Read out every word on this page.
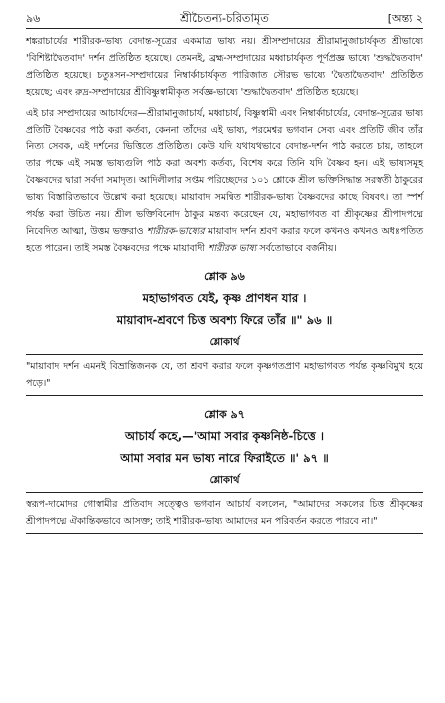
৯৬	শ্রীচৈতন্য-চরিতামৃত	[অন্ত্য ২

শঙ্করাচার্যের শারীরক-ভাষ্য বেদান্ত-সূত্রের একমাত্র ভাষ্য নয়। শ্রীসম্প্রদায়ের শ্রীরামানুজাচার্যকৃত শ্রীভাষ্যে 'বিশিষ্টাদ্বৈতবাদ' দর্শন প্রতিষ্ঠিত হয়েছে। তেমনই, ব্রহ্ম-সম্প্রদায়ের মধ্বাচার্যকৃত পূর্ণপ্রজ্ঞ ভাষ্যে 'শুদ্ধদ্বৈতবাদ' প্রতিষ্ঠিত হয়েছে। চতুঃসন-সম্প্রদায়ের নিম্বার্কাচার্যকৃত পারিজাত সৌরভ ভাষ্যে 'দ্বৈতাদ্বৈতবাদ' প্রতিষ্ঠিত হয়েছে; এবং রুদ্র-সম্প্রদায়ের শ্রীবিষ্ণুস্বামীকৃত সর্বজ্ঞ-ভাষ্যে 'শুদ্ধাদ্বৈতবাদ' প্রতিষ্ঠিত হয়েছে।

এই চার সম্প্রদায়ের আচার্যদের—শ্রীরামানুজাচার্য, মধ্বাচার্য, বিষ্ণুস্বামী এবং নিম্বার্কাচার্যের, বেদান্ত-সূত্রের ভাষ্য প্রতিটি বৈষ্ণবের পাঠ করা কর্তব্য, কেননা তাঁদের এই ভাষ্য, পরমেশ্বর ভগবান সেব্য এবং প্রতিটি জীব তাঁর নিত্য সেবক, এই দর্শনের ভিত্তিতে প্রতিষ্ঠিত। কেউ যদি যথাযথভাবে বেদান্ত-দর্শন পাঠ করতে চায়, তাহলে তার পক্ষে এই সমস্ত ভাষ্যগুলি পাঠ করা অবশ্য কর্তব্য, বিশেষ করে তিনি যদি বৈষ্ণব হন। এই ভাষ্যসমূহ বৈষ্ণবদের দ্বারা সর্বদা সমাদৃত। আদিলীলার সপ্তম পরিচ্ছেদের ১০১ শ্লোকে শ্রীল ভক্তিসিদ্ধান্ত সরস্বতী ঠাকুরের ভাষ্য বিস্তারিতভাবে উল্লেখ করা হয়েছে। মায়াবাদ সমন্বিত শারীরক-ভাষ্য বৈষ্ণবদের কাছে বিষবৎ। তা স্পর্শ পর্যন্ত করা উচিত নয়। শ্রীল ভক্তিবিনোদ ঠাকুর মন্তব্য করেছেন যে, মহাভাগবত বা শ্রীকৃষ্ণের শ্রীপাদপদ্মে নিবেদিত আত্মা, উত্তম ভক্তরাও শারীরক-ভাষ্যের মায়াবাদ দর্শন শ্রবণ করার ফলে কখনও কখনও অধঃপতিত হতে পারেন। তাই সমস্ত বৈষ্ণবদের পক্ষে মায়াবাদী শারীরক ভাষ্য সর্বতোভাবে বর্জনীয়।

শ্লোক ৯৬
মহাভাগবত যেই, কৃষ্ণ প্রাণধন যার ।
মায়াবাদ-শ্রবণে চিত্ত অবশ্য ফিরে তাঁর ॥" ৯৬ ॥
শ্লোকার্থ
"মায়াবাদ দর্শন এমনই বিভ্রান্তিজনক যে, তা শ্রবণ করার ফলে কৃষ্ণগতপ্রাণ মহাভাগবত পর্যন্ত কৃষ্ণবিমুখ হয়ে পড়ে।"
শ্লোক ৯৭
আচার্য কহে,—'আমা সবার কৃষ্ণনিষ্ঠ-চিত্তে ।
আমা সবার মন ভাষ্য নারে ফিরাইতে ॥' ৯৭ ॥
শ্লোকার্থ
স্বরূপ-দামোদর গোস্বামীর প্রতিবাদ সত্ত্বেও ভগবান আচার্য বললেন, "আমাদের সকলের চিত্ত শ্রীকৃষ্ণের শ্রীপাদপদ্মে ঐকান্তিকভাবে আসক্ত; তাই শারীরক-ভাষ্য আমাদের মন পরিবর্তন করতে পারবে না।"
